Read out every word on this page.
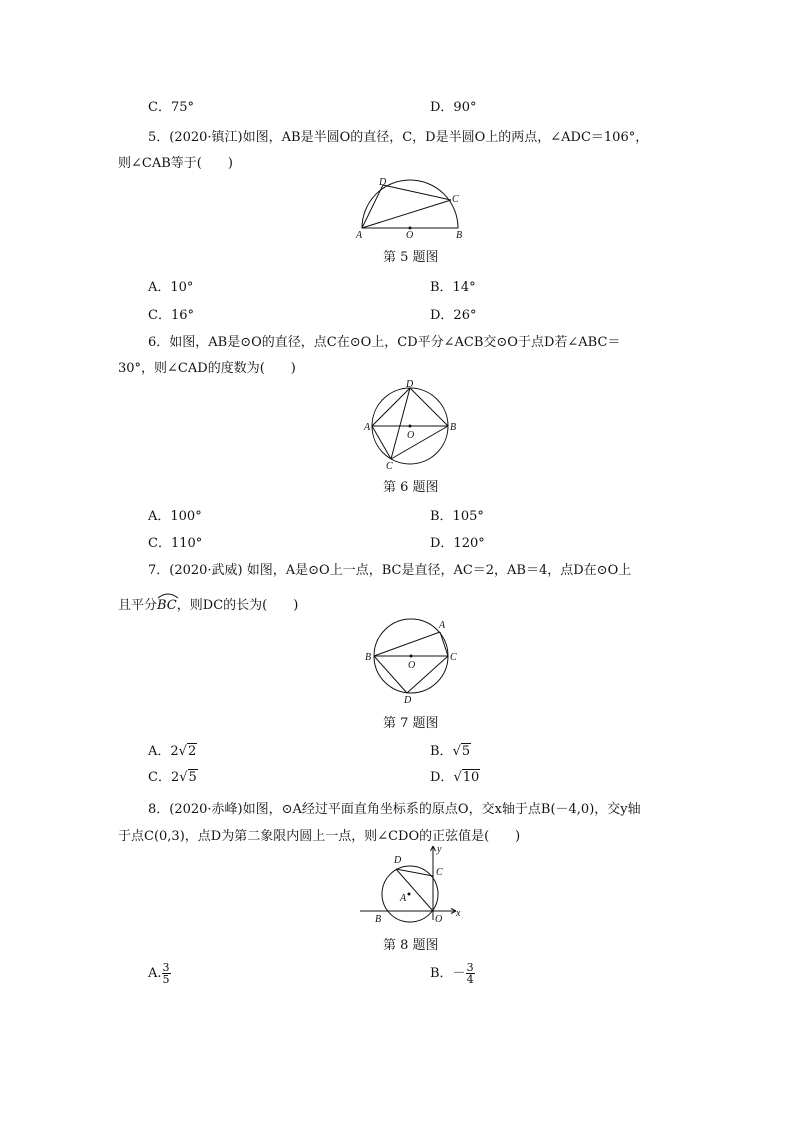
C．75°	D．90°
5．(2020·镇江)如图，AB是半圆O的直径，C，D是半圆O上的两点，∠ADC＝106°，
则∠CAB等于(　　)
A	B
C
D
O
第 5 题图
A．10°	B．14°
C．16°	D．26°
6．如图，AB是⊙O的直径，点C在⊙O上，CD平分∠ACB交⊙O于点D若∠ABC＝
30°，则∠CAD的度数为(　　)
A	B
C
D
O
第 6 题图
A．100°	B．105°
C．110°	D．120°
7．(2020·武威) 如图，A是⊙O上一点，BC是直径，AC＝2，AB＝4，点D在⊙O上
且平分
BC，则DC的长为(　　)
B	C
A
D
O
第 7 题图
A．2√2	B．√5
C．2√5	D．√10
8．(2020·赤峰)如图，⊙A经过平面直角坐标系的原点O，交x轴于点B(－4,0)，交y轴
于点C(0,3)，点D为第二象限内圆上一点，则∠CDO的正弦值是(　　)
y
x
O
B
C
D
A
第 8 题图
A. $\frac{3}{5}$	B．－ $\frac{3}{4}$
